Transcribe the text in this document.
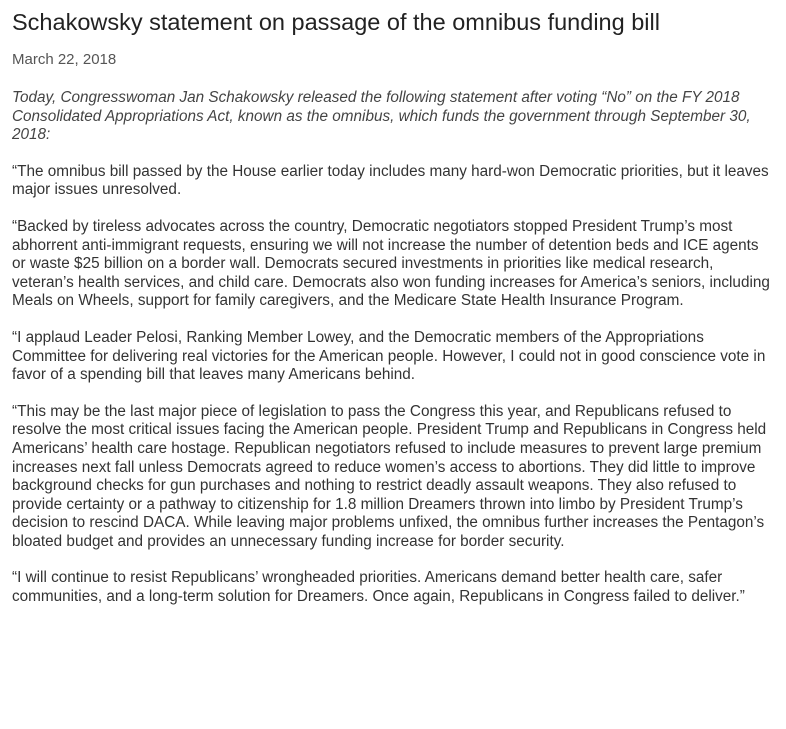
Schakowsky statement on passage of the omnibus funding bill

March 22, 2018

Today, Congresswoman Jan Schakowsky released the following statement after voting “No” on the FY 2018 Consolidated Appropriations Act, known as the omnibus, which funds the government through September 30, 2018:

“The omnibus bill passed by the House earlier today includes many hard-won Democratic priorities, but it leaves major issues unresolved.

“Backed by tireless advocates across the country, Democratic negotiators stopped President Trump’s most abhorrent anti-immigrant requests, ensuring we will not increase the number of detention beds and ICE agents or waste $25 billion on a border wall. Democrats secured investments in priorities like medical research, veteran’s health services, and child care. Democrats also won funding increases for America’s seniors, including Meals on Wheels, support for family caregivers, and the Medicare State Health Insurance Program.

“I applaud Leader Pelosi, Ranking Member Lowey, and the Democratic members of the Appropriations Committee for delivering real victories for the American people. However, I could not in good conscience vote in favor of a spending bill that leaves many Americans behind.

“This may be the last major piece of legislation to pass the Congress this year, and Republicans refused to resolve the most critical issues facing the American people. President Trump and Republicans in Congress held Americans’ health care hostage. Republican negotiators refused to include measures to prevent large premium increases next fall unless Democrats agreed to reduce women’s access to abortions. They did little to improve background checks for gun purchases and nothing to restrict deadly assault weapons. They also refused to provide certainty or a pathway to citizenship for 1.8 million Dreamers thrown into limbo by President Trump’s decision to rescind DACA. While leaving major problems unfixed, the omnibus further increases the Pentagon’s bloated budget and provides an unnecessary funding increase for border security.

“I will continue to resist Republicans’ wrongheaded priorities. Americans demand better health care, safer communities, and a long-term solution for Dreamers. Once again, Republicans in Congress failed to deliver.”
